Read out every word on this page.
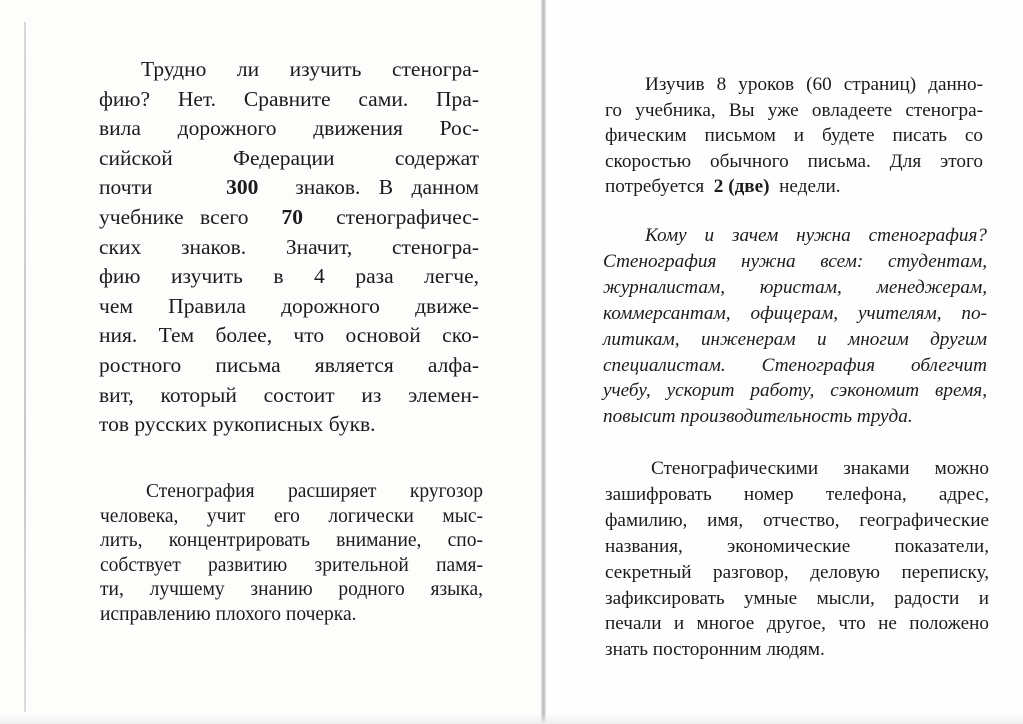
Трудно ли изучить стеногра-
фию? Нет. Сравните сами. Пра-
вила дорожного движения Рос-
сийской Федерации содержат
почти	300 знаков. В данном
учебнике всего 70 стенографичес-
ских знаков. Значит, стеногра-
фию изучить в 4 раза легче,
чем Правила дорожного движе-
ния. Тем более, что основой ско-
ростного письма является алфа-
вит, который состоит из элемен-
тов русских рукописных букв.
Стенография расширяет кругозор
человека, учит его логически мыс-
лить, концентрировать внимание, спо-
собствует развитию зрительной памя-
ти, лучшему знанию родного языка,
исправлению плохого почерка.
Изучив 8 уроков (60 страниц) данно-
го учебника, Вы уже овладеете стеногра-
фическим письмом и будете писать со
скоростью обычного письма. Для этого
потребуется 2 (две) недели.
Кому и зачем нужна стенография?
Стенография нужна всем: студентам,
журналистам, юристам, менеджерам,
коммерсантам, офицерам, учителям, по-
литикам, инженерам и многим другим
специалистам. Стенография облегчит
учебу, ускорит работу, сэкономит время,
повысит производительность труда.
Стенографическими знаками можно
зашифровать номер телефона, адрес,
фамилию, имя, отчество, географические
названия, экономические показатели,
секретный разговор, деловую переписку,
зафиксировать умные мысли, радости и
печали и многое другое, что не положено
знать посторонним людям.
